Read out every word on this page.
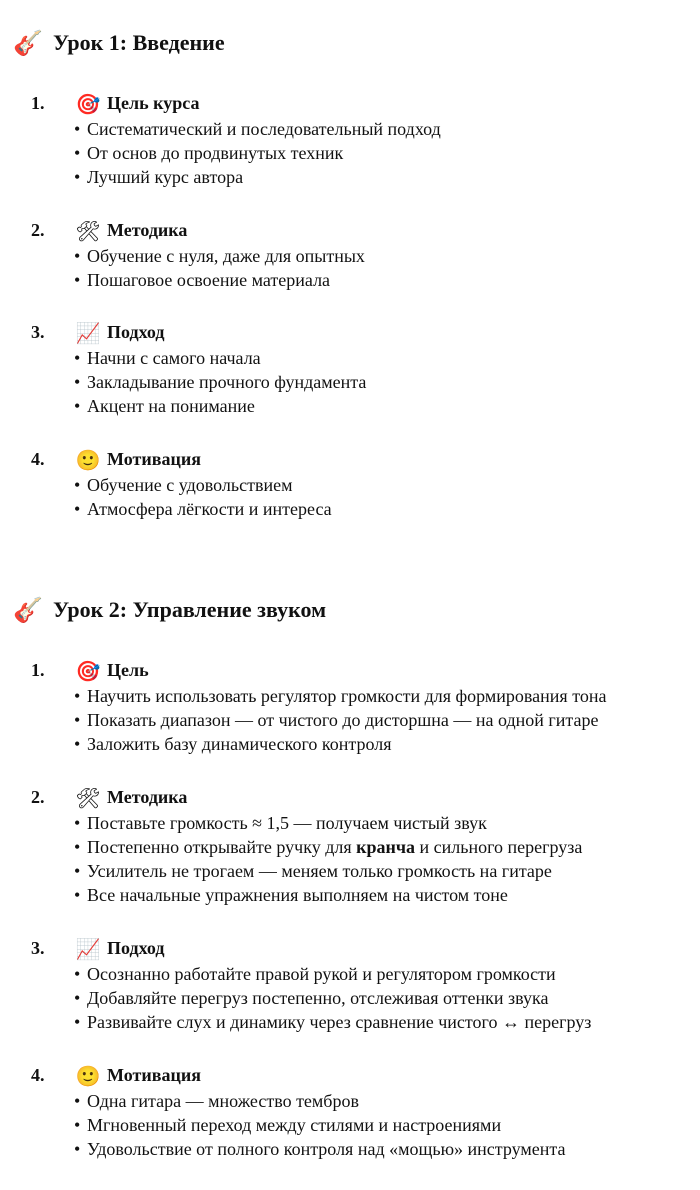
🎸 Урок 1: Введение
1. 🎯 Цель курса
• Систематический и последовательный подход
• От основ до продвинутых техник
• Лучший курс автора
2. 🛠 Методика
• Обучение с нуля, даже для опытных
• Пошаговое освоение материала
3. 📈 Подход
• Начни с самого начала
• Закладывание прочного фундамента
• Акцент на понимание
4. 🙂 Мотивация
• Обучение с удовольствием
• Атмосфера лёгкости и интереса
🎸 Урок 2: Управление звуком
1. 🎯 Цель
• Научить использовать регулятор громкости для формирования тона
• Показать диапазон — от чистого до дисторшна — на одной гитаре
• Заложить базу динамического контроля
2. 🛠 Методика
• Поставьте громкость ≈ 1,5 — получаем чистый звук
• Постепенно открывайте ручку для кранча и сильного перегруза
• Усилитель не трогаем — меняем только громкость на гитаре
• Все начальные упражнения выполняем на чистом тоне
3. 📈 Подход
• Осознанно работайте правой рукой и регулятором громкости
• Добавляйте перегруз постепенно, отслеживая оттенки звука
• Развивайте слух и динамику через сравнение чистого ↔ перегруз
4. 🙂 Мотивация
• Одна гитара — множество тембров
• Мгновенный переход между стилями и настроениями
• Удовольствие от полного контроля над «мощью» инструмента
